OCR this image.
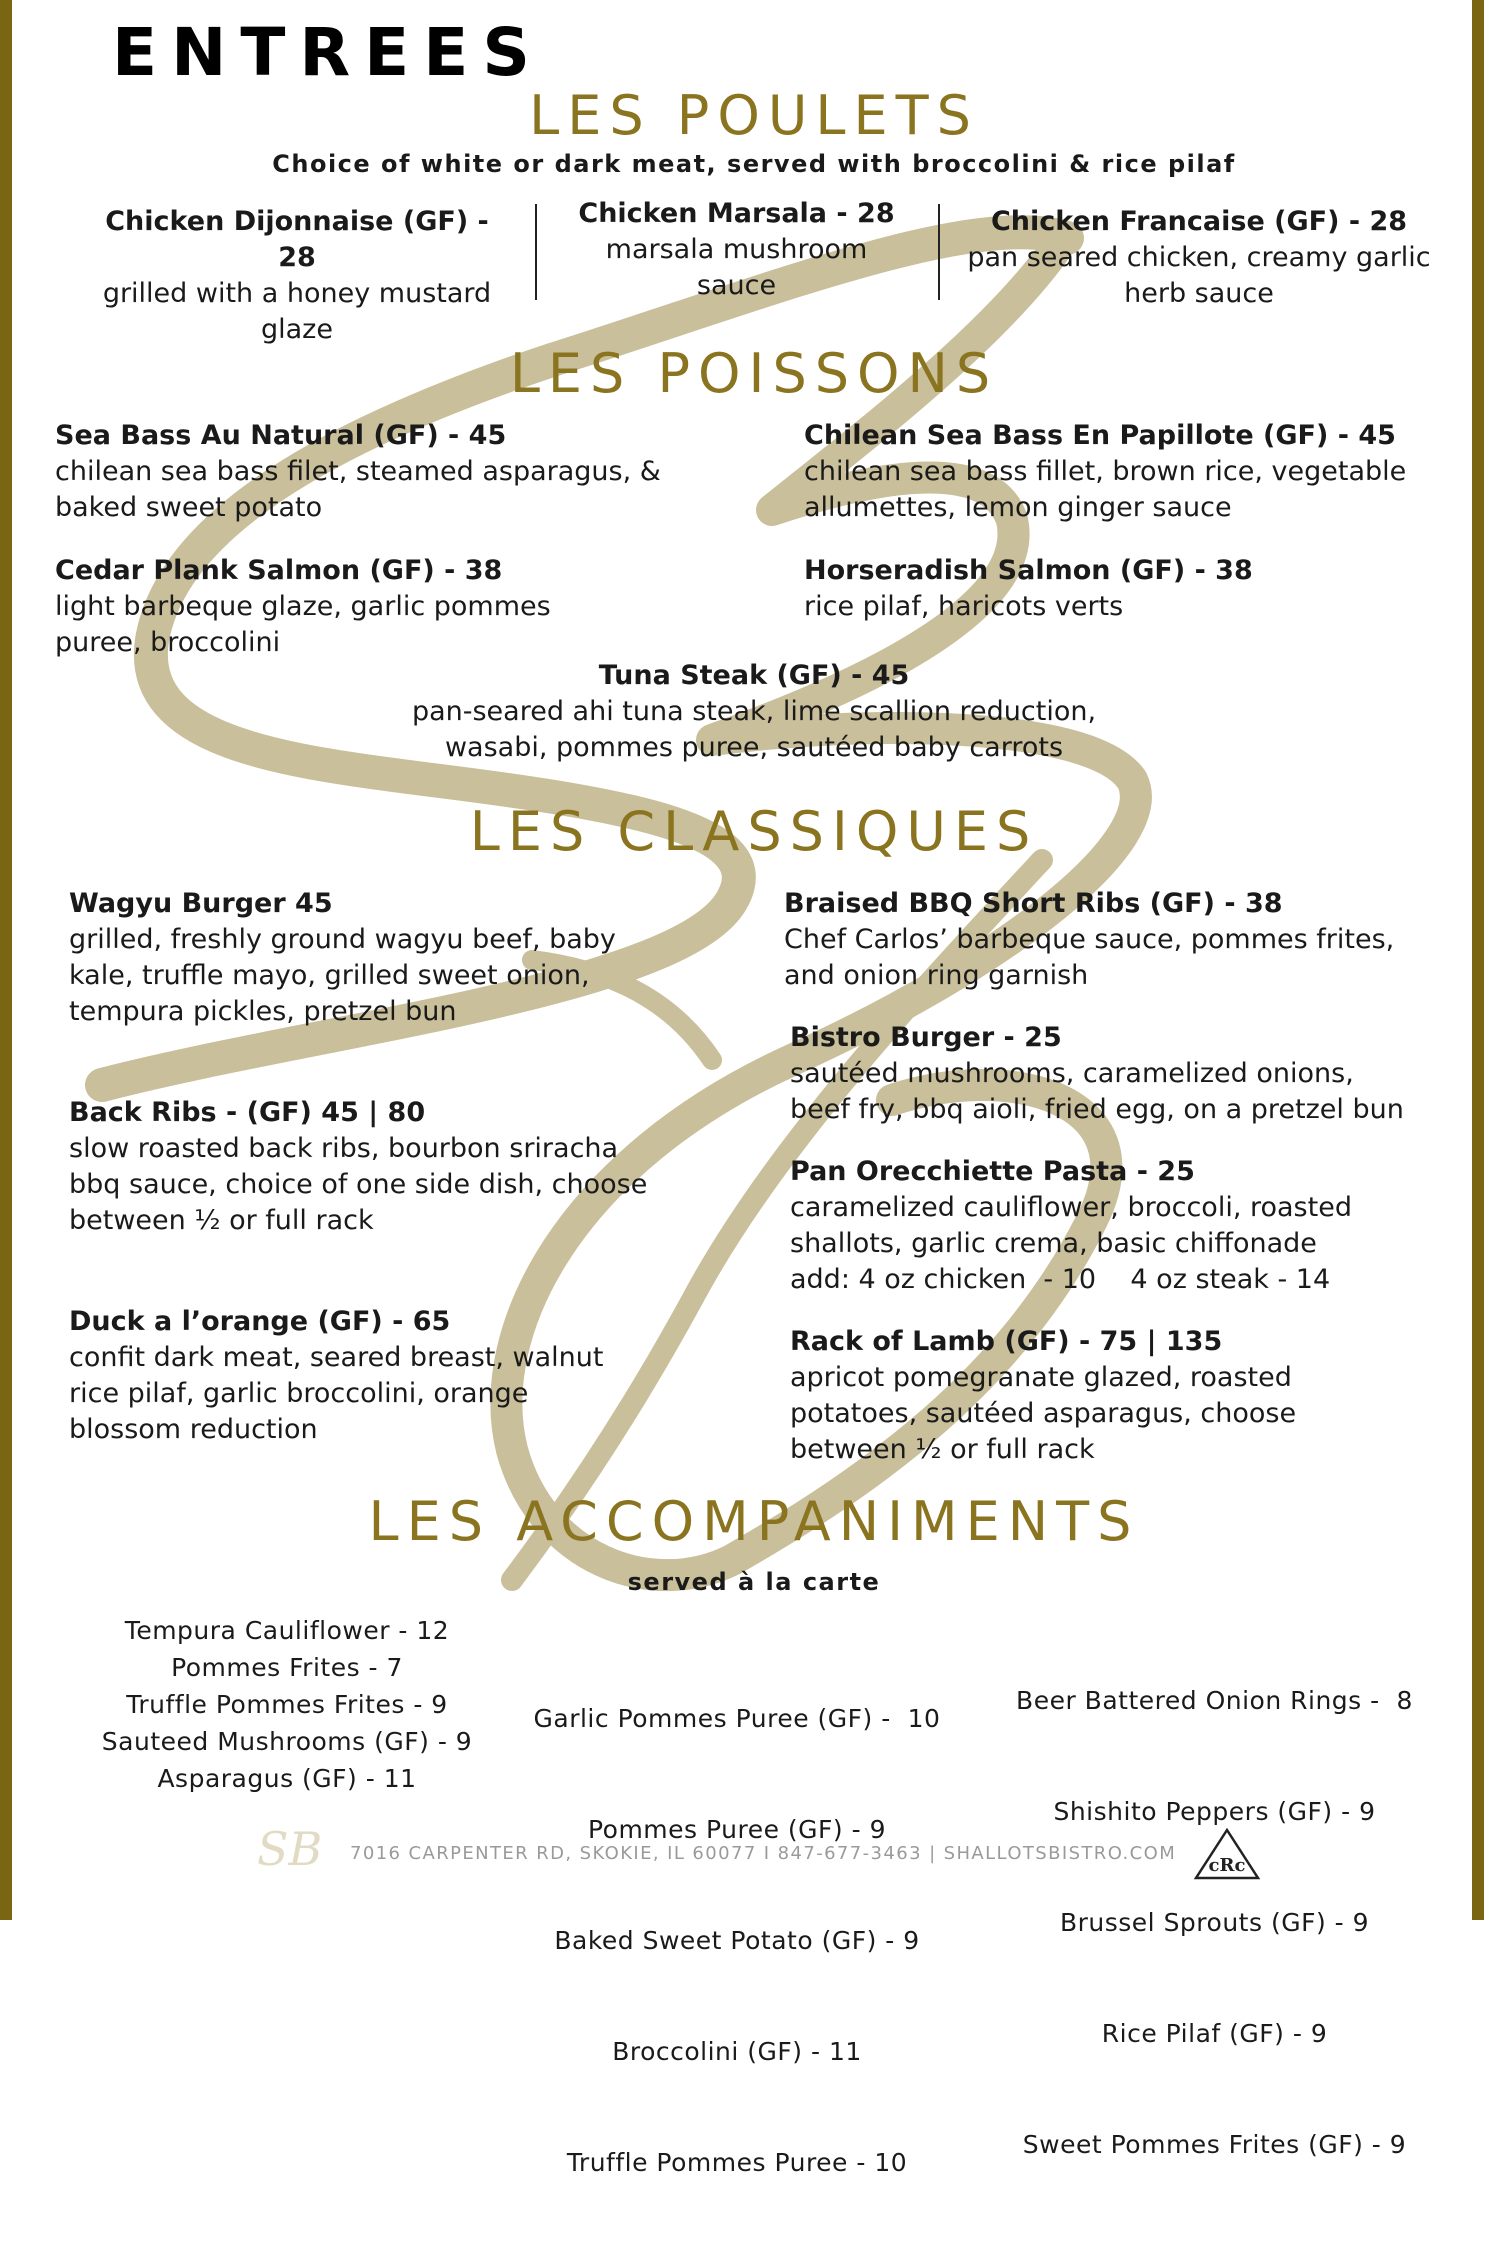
ENTREES
LES POULETS
Choice of white or dark meat, served with broccolini & rice pilaf
Chicken Dijonnaise (GF) - 28
grilled with a honey mustard
glaze
Chicken Marsala - 28
marsala mushroom
sauce
Chicken Francaise (GF) - 28
pan seared chicken, creamy garlic
herb sauce
LES POISSONS
Sea Bass Au Natural (GF) - 45
chilean sea bass filet, steamed asparagus, &
baked sweet potato
Chilean Sea Bass En Papillote (GF) - 45
chilean sea bass fillet, brown rice, vegetable
allumettes, lemon ginger sauce
Cedar Plank Salmon (GF) - 38
light barbeque glaze, garlic pommes
puree, broccolini
Horseradish Salmon (GF) - 38
rice pilaf, haricots verts
Tuna Steak (GF) - 45
pan-seared ahi tuna steak, lime scallion reduction,
wasabi, pommes puree, sautéed baby carrots
LES CLASSIQUES
Wagyu Burger 45
grilled, freshly ground wagyu beef, baby
kale, truffle mayo, grilled sweet onion,
tempura pickles, pretzel bun
Back Ribs - (GF) 45 | 80
slow roasted back ribs, bourbon sriracha
bbq sauce, choice of one side dish, choose
between ½ or full rack
Duck a l’orange (GF) - 65
confit dark meat, seared breast, walnut
rice pilaf, garlic broccolini, orange
blossom reduction
Braised BBQ Short Ribs (GF) - 38
Chef Carlos’ barbeque sauce, pommes frites,
and onion ring garnish
Bistro Burger - 25
sautéed mushrooms, caramelized onions,
beef fry, bbq aioli, fried egg, on a pretzel bun
Pan Orecchiette Pasta - 25
caramelized cauliflower, broccoli, roasted
shallots, garlic crema, basic chiffonade
add: 4 oz chicken  - 10    4 oz steak - 14
Rack of Lamb (GF) - 75 | 135
apricot pomegranate glazed, roasted
potatoes, sautéed asparagus, choose
between ½ or full rack
LES ACCOMPANIMENTS
served à la carte
Tempura Cauliflower - 12
Pommes Frites - 7
Truffle Pommes Frites - 9
Sauteed Mushrooms (GF) - 9
Asparagus (GF) - 11

Garlic Pommes Puree (GF) -  10

Pommes Puree (GF) - 9

Baked Sweet Potato (GF) - 9

Broccolini (GF) - 11

Truffle Pommes Puree - 10

Beer Battered Onion Rings -  8

Shishito Peppers (GF) - 9

Brussel Sprouts (GF) - 9

Rice Pilaf (GF) - 9

Sweet Pommes Frites (GF) - 9

SB 7016 CARPENTER RD, SKOKIE, IL 60077 I 847-677-3463 | SHALLOTSBISTRO.COM
cRc
